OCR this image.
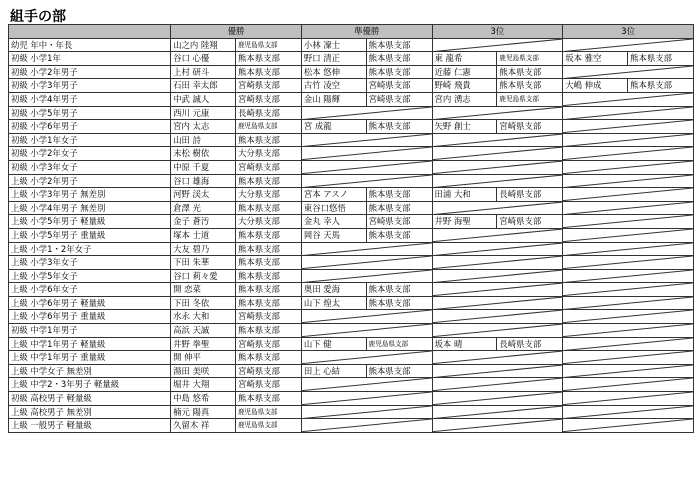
組手の部
	優勝		準優勝		3位		3位	
幼児 年中・年長	山之内 陸翔	鹿児島県支部	小林 凜士	熊本県支部	

初級 小学1年	谷口 心優	熊本県支部	野口 清正	熊本県支部	東 龍希	鹿児島県支部	坂本 雅空	熊本県支部
初級 小学2年男子	上村 研斗	熊本県支部	松本 悠伸	熊本県支部	近藤 仁憲	熊本県支部	

初級 小学3年男子	石田 幸太郎	宮崎県支部	古竹 凌空	宮崎県支部	野崎 飛貴	熊本県支部	大嶋 伸成	熊本県支部
初級 小学4年男子	中武 誠人	宮崎県支部	金山 陽輝	宮崎県支部	宮内 湧志	鹿児島県支部	

初級 小学5年男子	西川 元康	長崎県支部	

初級 小学6年男子	宮内 太志	鹿児島県支部	宮 成龍	熊本県支部	矢野 創士	宮崎県支部	

初級 小学1年女子	山田 詩	熊本県支部	

初級 小学2年女子	末松 樹依	大分県支部	

初級 小学3年女子	中原 千夏	宮崎県支部	

上級 小学2年男子	谷口 雄海	熊本県支部	

上級 小学3年男子 無差別	河野 渓太	大分県支部	宮本 アスノ	熊本県支部	田浦 大和	長崎県支部	

上級 小学4年男子 無差別	倉澤 光	熊本県支部	東谷口悠悟	熊本県支部	

上級 小学5年男子 軽量級	金子 蒼汚	大分県支部	金丸 幸人	宮崎県支部	井野 海聖	宮崎県支部	

上級 小学5年男子 重量級	塚本 士道	熊本県支部	岡谷 天馬	熊本県支部	

上級 小学1・2年女子	大友 碧乃	熊本県支部	

上級 小学3年女子	下田 朱華	熊本県支部	

上級 小学5年女子	谷口 莉々愛	熊本県支部	

上級 小学6年女子	開 恋菜	熊本県支部	奥田 愛海	熊本県支部	

上級 小学6年男子 軽量級	下田 冬依	熊本県支部	山下 煌太	熊本県支部	

上級 小学6年男子 重量級	水永 大和	宮崎県支部	

初級 中学1年男子	高浜 天誠	熊本県支部	

上級 中学1年男子 軽量級	井野 拳聖	宮崎県支部	山下 健	鹿児島県支部	坂本 晴	長崎県支部	

上級 中学1年男子 重量級	開 伸平	熊本県支部	

上級 中学女子 無差別	湯田 美咲	宮崎県支部	田上 心結	熊本県支部	

上級 中学2・3年男子 軽量級	堀井 大翔	宮崎県支部	

初級 高校男子 軽量級	中島 悠希	熊本県支部	

上級 高校男子 無差別	楠元 陽真	鹿児島県支部	

上級 一般男子 軽量級	久留木 祥	鹿児島県支部	
